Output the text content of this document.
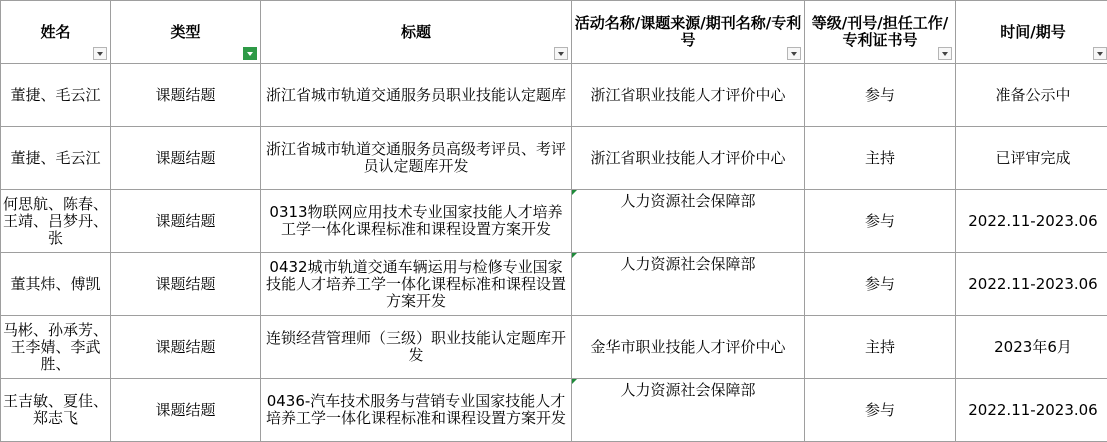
姓名	类型	标题	活动名称/课题来源/期刊名称/专利号	等级/刊号/担任工作/专利证书号	时间/期号

董捷、毛云江	课题结题	浙江省城市轨道交通服务员职业技能认定题库	浙江省职业技能人才评价中心	参与	准备公示中

董捷、毛云江	课题结题	浙江省城市轨道交通服务员高级考评员、考评员认定题库开发	浙江省职业技能人才评价中心	主持	已评审完成

何思航、陈春、王靖、吕梦丹、张	课题结题	0313物联网应用技术专业国家技能人才培养工学一体化课程标准和课程设置方案开发	人力资源社会保障部	参与	2022.11-2023.06

董其炜、傅凯	课题结题	0432城市轨道交通车辆运用与检修专业国家技能人才培养工学一体化课程标准和课程设置方案开发	人力资源社会保障部	参与	2022.11-2023.06

马彬、孙承芳、王李婧、李武胜、	课题结题	连锁经营管理师（三级）职业技能认定题库开发	金华市职业技能人才评价中心	主持	2023年6月

王吉敏、夏佳、郑志飞	课题结题	0436-汽车技术服务与营销专业国家技能人才培养工学一体化课程标准和课程设置方案开发	人力资源社会保障部	参与	2022.11-2023.06
